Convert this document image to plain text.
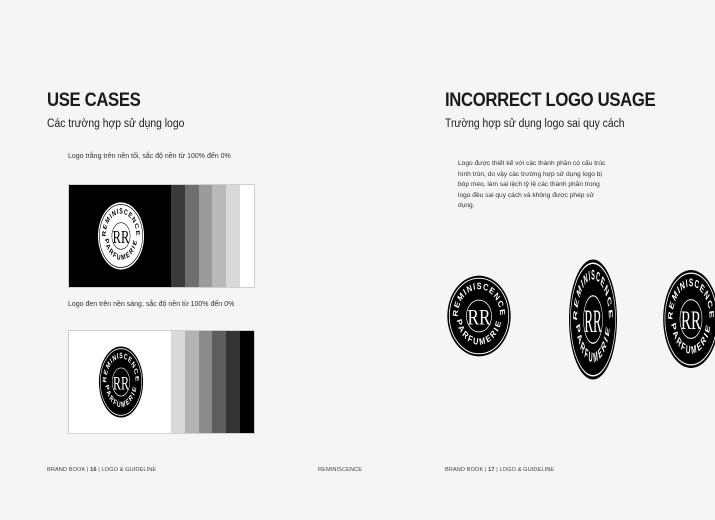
USE CASES
Các trường hợp sử dụng logo
Logo trắng trên nền tối, sắc độ nền từ 100% đến 0%
REMINISCENCE
PARFUMERIE
RR
Logo đen trên nền sáng, sắc độ nền từ 100% đến 0%
REMINISCENCE
PARFUMERIE
RR
BRAND BOOK | 16 | LOGO & GUIDELINE	REMINISCENCE
INCORRECT LOGO USAGE
Trường hợp sử dụng logo sai quy cách
Logo được thiết kế với các thành phần có cấu trúc hình tròn, do vậy các trường hợp sử dụng logo bị bóp méo, làm sai lệch tỷ lệ các thành phần trong logo đều sai quy cách và không được phép sử dụng.
REMINISCENCE
PARFUMERIE
RR	REMINISCENCE
PARFUMERIE
RR	REMINISCENCE
PARFUMERIE
RR
BRAND BOOK | 17 | LOGO & GUIDELINE
